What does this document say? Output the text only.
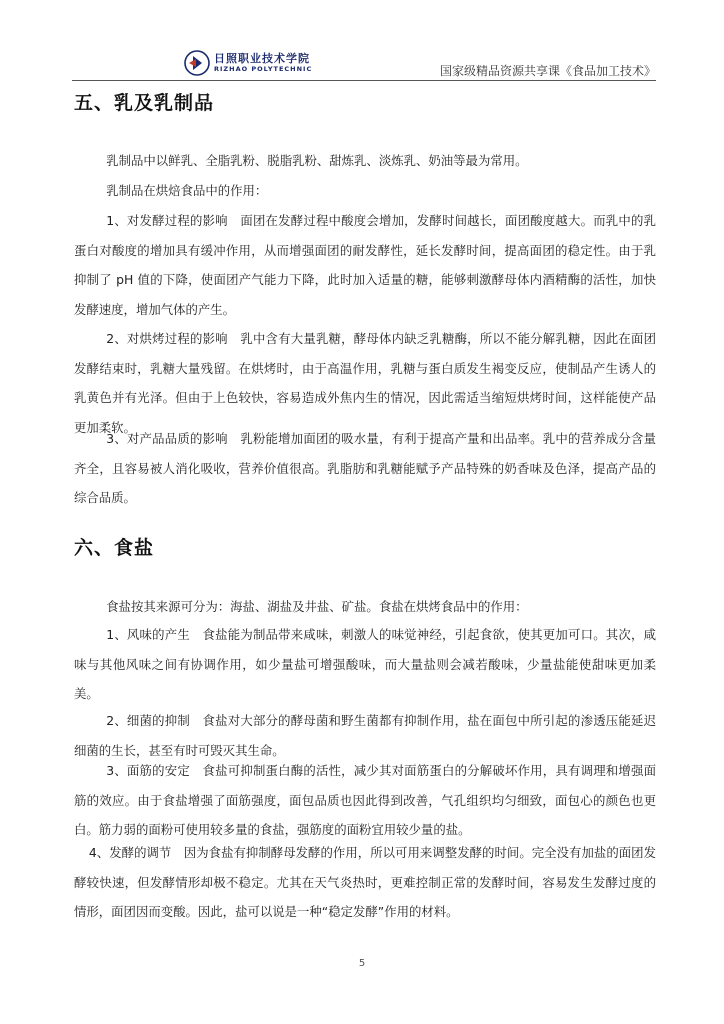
日照职业技术学院
RIZHAO POLYTECHNIC	国家级精品资源共享课《食品加工技术》
五、乳及乳制品

乳制品中以鲜乳、全脂乳粉、脱脂乳粉、甜炼乳、淡炼乳、奶油等最为常用。

乳制品在烘焙食品中的作用：

1、对发酵过程的影响　面团在发酵过程中酸度会增加，发酵时间越长，面团酸度越大。而乳中的乳蛋白对酸度的增加具有缓冲作用，从而增强面团的耐发酵性，延长发酵时间，提高面团的稳定性。由于乳抑制了 pH 值的下降，使面团产气能力下降，此时加入适量的糖，能够刺激酵母体内酒精酶的活性，加快发酵速度，增加气体的产生。

2、对烘烤过程的影响　乳中含有大量乳糖，酵母体内缺乏乳糖酶，所以不能分解乳糖，因此在面团发酵结束时，乳糖大量残留。在烘烤时，由于高温作用，乳糖与蛋白质发生褐变反应，使制品产生诱人的乳黄色并有光泽。但由于上色较快，容易造成外焦内生的情况，因此需适当缩短烘烤时间，这样能使产品更加柔软。

3、对产品品质的影响　乳粉能增加面团的吸水量，有利于提高产量和出品率。乳中的营养成分含量齐全，且容易被人消化吸收，营养价值很高。乳脂肪和乳糖能赋予产品特殊的奶香味及色泽，提高产品的综合品质。

六、食盐

食盐按其来源可分为：海盐、湖盐及井盐、矿盐。食盐在烘烤食品中的作用：

1、风味的产生　食盐能为制品带来咸味，刺激人的味觉神经，引起食欲，使其更加可口。其次，咸味与其他风味之间有协调作用，如少量盐可增强酸味，而大量盐则会减若酸味，少量盐能使甜味更加柔美。

2、细菌的抑制　食盐对大部分的酵母菌和野生菌都有抑制作用，盐在面包中所引起的渗透压能延迟细菌的生长，甚至有时可毁灭其生命。

3、面筋的安定　食盐可抑制蛋白酶的活性，减少其对面筋蛋白的分解破坏作用，具有调理和增强面筋的效应。由于食盐增强了面筋强度，面包品质也因此得到改善，气孔组织均匀细致，面包心的颜色也更白。筋力弱的面粉可使用较多量的食盐，强筋度的面粉宜用较少量的盐。

4、发酵的调节　因为食盐有抑制酵母发酵的作用，所以可用来调整发酵的时间。完全没有加盐的面团发酵较快速，但发酵情形却极不稳定。尤其在天气炎热时，更难控制正常的发酵时间，容易发生发酵过度的情形，面团因而变酸。因此，盐可以说是一种“稳定发酵”作用的材料。

5
